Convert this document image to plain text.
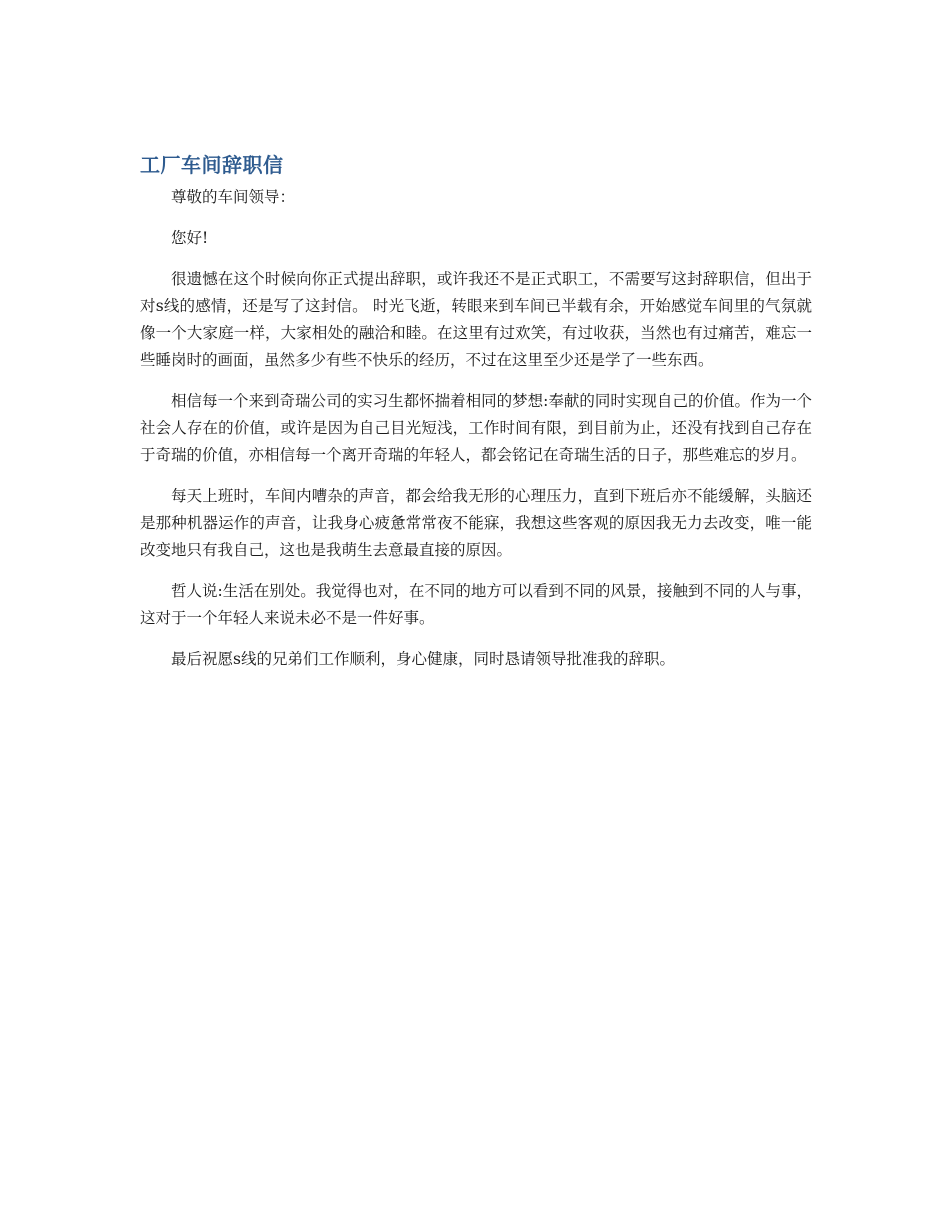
工厂车间辞职信

尊敬的车间领导：

您好!

很遗憾在这个时候向你正式提出辞职，或许我还不是正式职工，不需要写这封辞职信，但出于对s线的感情，还是写了这封信。 时光飞逝，转眼来到车间已半载有余，开始感觉车间里的气氛就像一个大家庭一样，大家相处的融洽和睦。在这里有过欢笑，有过收获，当然也有过痛苦，难忘一些睡岗时的画面，虽然多少有些不快乐的经历，不过在这里至少还是学了一些东西。

相信每一个来到奇瑞公司的实习生都怀揣着相同的梦想:奉献的同时实现自己的价值。作为一个社会人存在的价值，或许是因为自己目光短浅，工作时间有限，到目前为止，还没有找到自己存在于奇瑞的价值，亦相信每一个离开奇瑞的年轻人，都会铭记在奇瑞生活的日子，那些难忘的岁月。

每天上班时，车间内嘈杂的声音，都会给我无形的心理压力，直到下班后亦不能缓解，头脑还是那种机器运作的声音，让我身心疲惫常常夜不能寐，我想这些客观的原因我无力去改变，唯一能改变地只有我自己，这也是我萌生去意最直接的原因。

哲人说:生活在别处。我觉得也对，在不同的地方可以看到不同的风景，接触到不同的人与事，这对于一个年轻人来说未必不是一件好事。

最后祝愿s线的兄弟们工作顺利，身心健康，同时恳请领导批准我的辞职。
